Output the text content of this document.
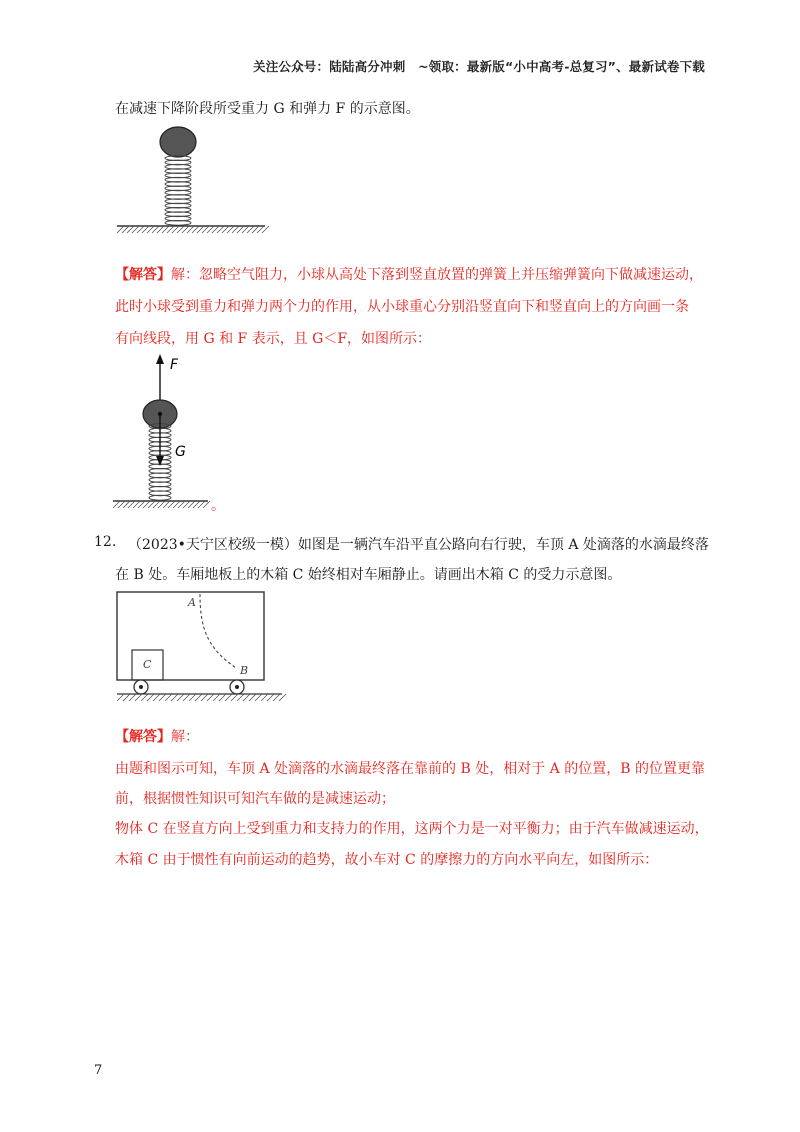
关注公众号：陆陆高分冲刺　~领取：最新版“小中高考-总复习”、最新试卷下载
在减速下降阶段所受重力 G 和弹力 F 的示意图。
【解答】解：忽略空气阻力，小球从高处下落到竖直放置的弹簧上并压缩弹簧向下做减速运动，
此时小球受到重力和弹力两个力的作用，从小球重心分别沿竖直向下和竖直向上的方向画一条
有向线段，用 G 和 F 表示，且 G＜F，如图所示：
F
G
。
12. （2023•天宁区校级一模）如图是一辆汽车沿平直公路向右行驶，车顶 A 处滴落的水滴最终落
在 B 处。车厢地板上的木箱 C 始终相对车厢静止。请画出木箱 C 的受力示意图。
A
B
C
【解答】解：
由题和图示可知，车顶 A 处滴落的水滴最终落在靠前的 B 处，相对于 A 的位置，B 的位置更靠
前，根据惯性知识可知汽车做的是减速运动；
物体 C 在竖直方向上受到重力和支持力的作用，这两个力是一对平衡力；由于汽车做减速运动，
木箱 C 由于惯性有向前运动的趋势，故小车对 C 的摩擦力的方向水平向左，如图所示：
7
